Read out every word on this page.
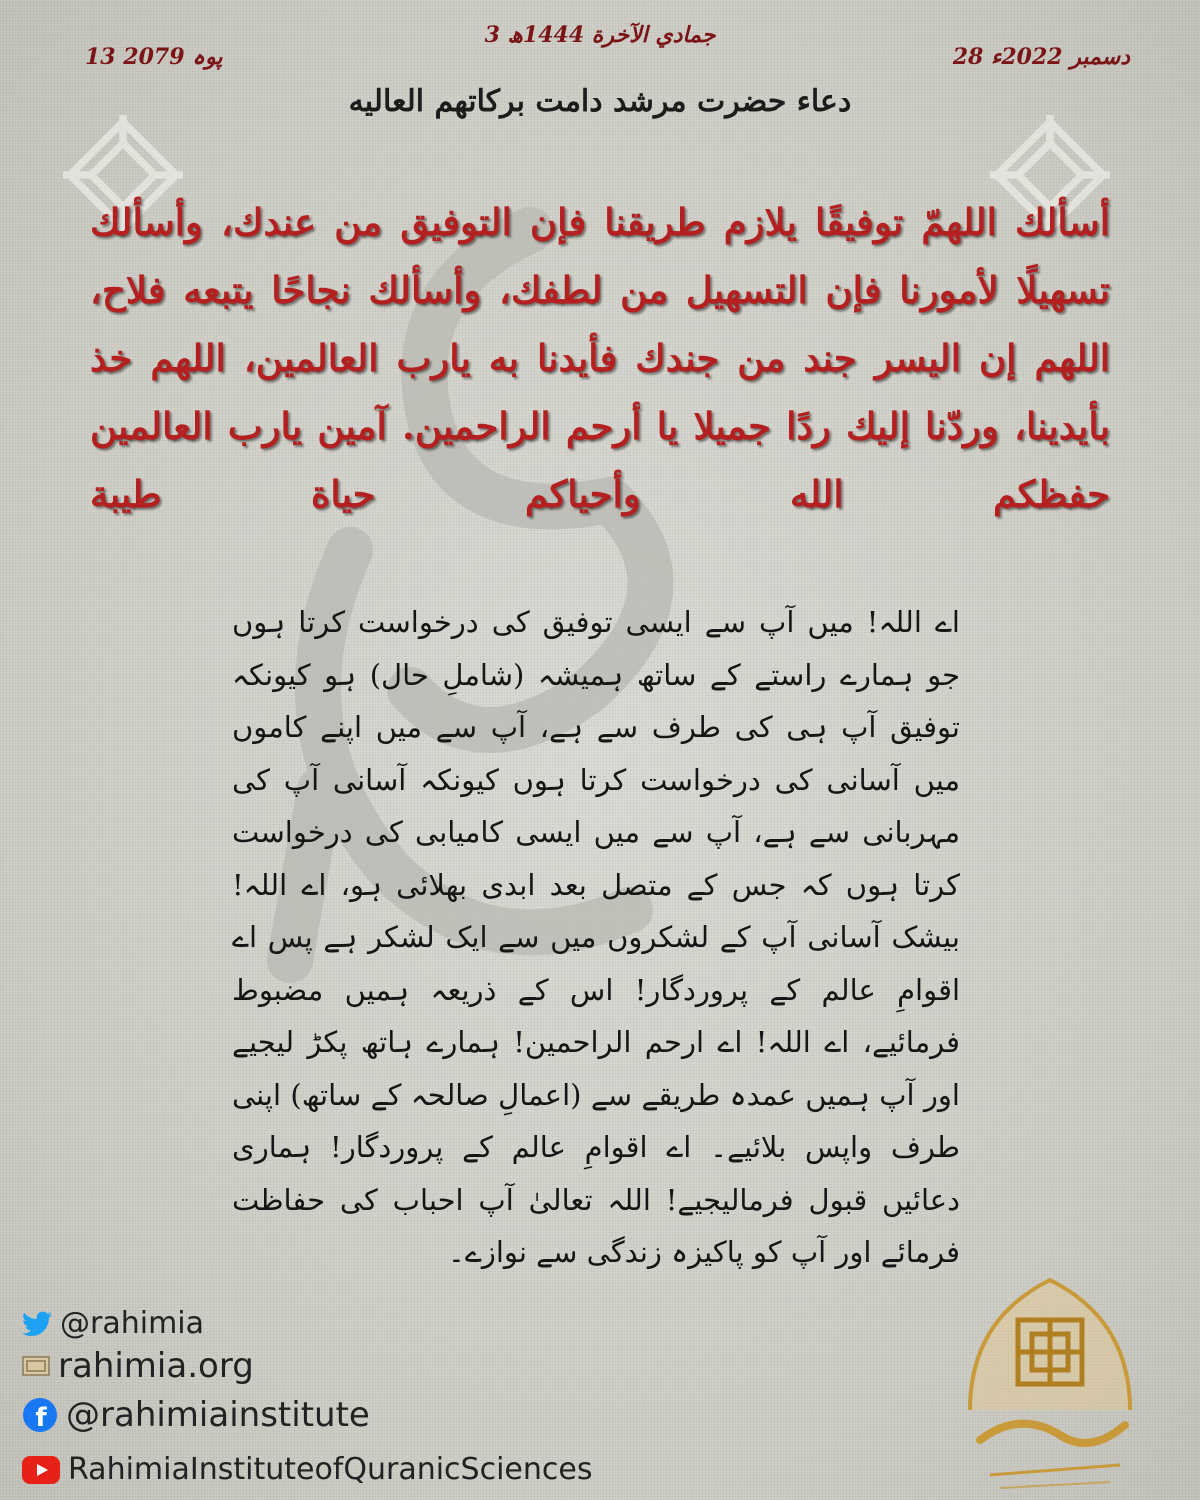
3 جمادي الآخرة 1444ھ
28 دسمبر 2022ء
13 پوہ 2079
دعاء حضرت مرشد دامت برکاتهم العاليه
أسألك اللهمّ توفيقًا يلازم طريقنا فإن التوفيق من عندك، وأسألك تسهيلًا لأمورنا فإن التسهيل من لطفك، وأسألك نجاحًا يتبعه فلاح، اللهم إن اليسر جند من جندك فأيدنا به يارب العالمين، اللهم خذ بأيدينا، وردّنا إليك ردًا جميلا يا أرحم الراحمين. آمين يارب العالمين حفظكم الله وأحياكم حياة طيبة
اے اللہ! میں آپ سے ایسی توفیق کی درخواست کرتا ہوں جو ہمارے راستے کے ساتھ ہمیشہ (شاملِ حال) ہو کیونکہ توفیق آپ ہی کی طرف سے ہے، آپ سے میں اپنے کاموں میں آسانی کی درخواست کرتا ہوں کیونکہ آسانی آپ کی مہربانی سے ہے، آپ سے میں ایسی کامیابی کی درخواست کرتا ہوں کہ جس کے متصل بعد ابدی بھلائی ہو، اے اللہ! بیشک آسانی آپ کے لشکروں میں سے ایک لشکر ہے پس اے اقوامِ عالم کے پروردگار! اس کے ذریعہ ہمیں مضبوط فرمائیے، اے اللہ! اے ارحم الراحمین! ہمارے ہاتھ پکڑ لیجیے اور آپ ہمیں عمدہ طریقے سے (اعمالِ صالحہ کے ساتھ) اپنی طرف واپس بلائیے۔ اے اقوامِ عالم کے پروردگار! ہماری دعائیں قبول فرمالیجیے! اللہ تعالیٰ آپ احباب کی حفاظت فرمائے اور آپ کو پاکیزہ زندگی سے نوازے۔
@rahimia
rahimia.org
f @rahimiainstitute
RahimiaInstituteofQuranicSciences
